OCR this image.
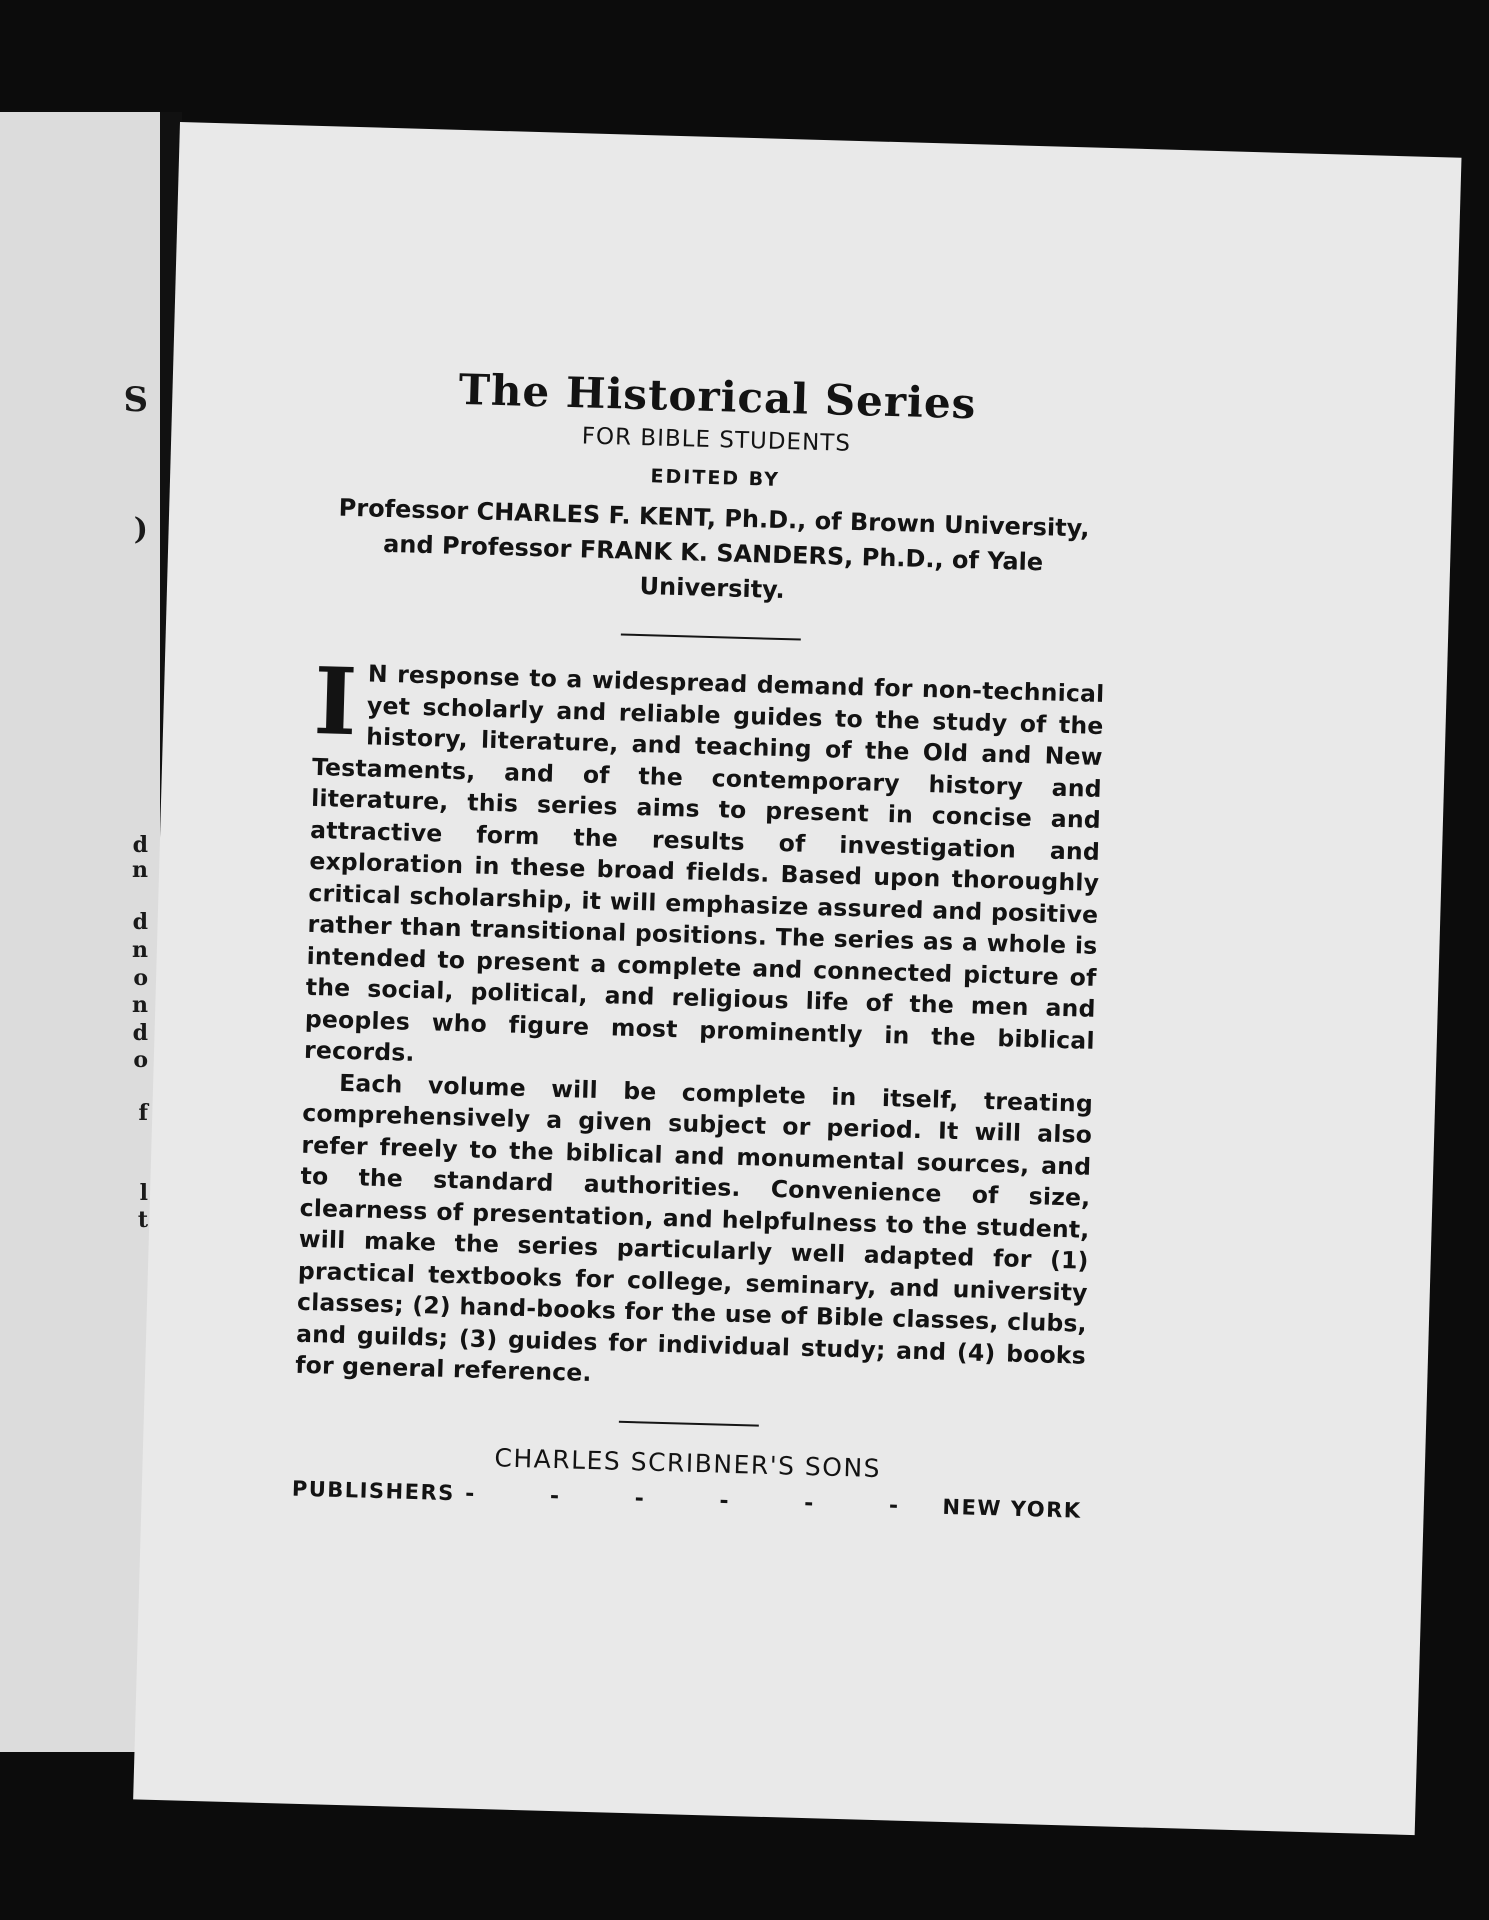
S
)
d
n
d
n
o
n
d
o
f
l
t
The Historical Series
FOR BIBLE STUDENTS
EDITED BY

Professor CHARLES F. KENT, Ph.D., of Brown University, and Professor FRANK K. SANDERS, Ph.D., of Yale University.

I N response to a widespread demand for non-technical yet scholarly and reliable guides to the study of the history, literature, and teaching of the Old and New Testaments, and of the contemporary history and literature, this series aims to present in concise and attractive form the results of investigation and exploration in these broad fields. Based upon thoroughly critical scholarship, it will emphasize assured and positive rather than transitional positions. The series as a whole is intended to present a complete and connected picture of the social, political, and religious life of the men and peoples who figure most prominently in the biblical records.

Each volume will be complete in itself, treating comprehensively a given subject or period. It will also refer freely to the biblical and monumental sources, and to the standard authorities. Convenience of size, clearness of presentation, and helpfulness to the student, will make the series particularly well adapted for (1) practical textbooks for college, seminary, and university classes; (2) hand-books for the use of Bible classes, clubs, and guilds; (3) guides for individual study; and (4) books for general reference.

CHARLES SCRIBNER'S SONS
PUBLISHERS - - - - - - NEW YORK
